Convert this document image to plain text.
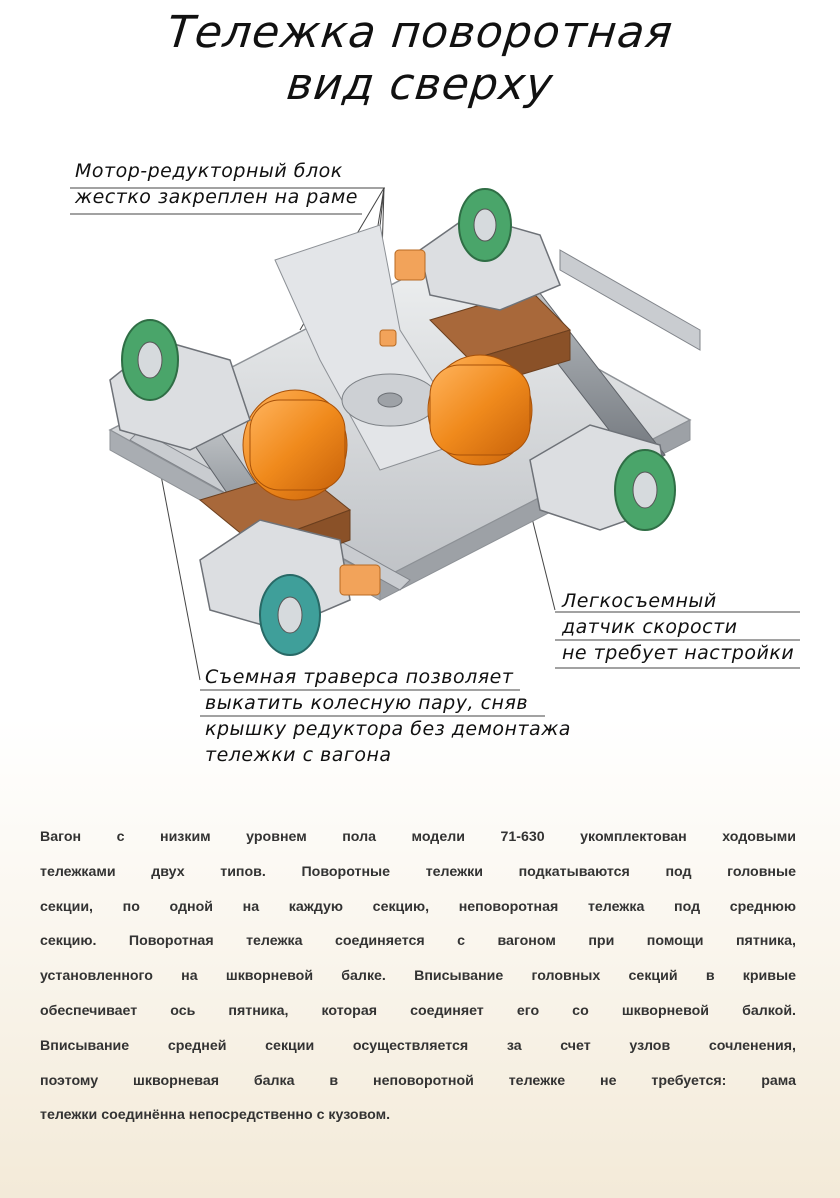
Тележка поворотная
вид сверху
Мотор-редукторный блок
жестко закреплен на раме
Легкосъемный
датчик скорости
не требует настройки
Съемная траверса позволяет
выкатить колесную пару, сняв
крышку редуктора без демонтажа
тележки с вагона
Вагон с низким уровнем пола модели 71-630 укомплектован ходовыми
тележками двух типов. Поворотные тележки подкатываются под головные
секции, по одной на каждую секцию, неповоротная тележка под среднюю
секцию. Поворотная тележка соединяется с вагоном при помощи пятника,
установленного на шкворневой балке. Вписывание головных секций в кривые
обеспечивает ось пятника, которая соединяет его со шкворневой балкой.
Вписывание средней секции осуществляется за счет узлов сочленения,
поэтому шкворневая балка в неповоротной тележке не требуется: рама
тележки соединённа непосредственно с кузовом.
